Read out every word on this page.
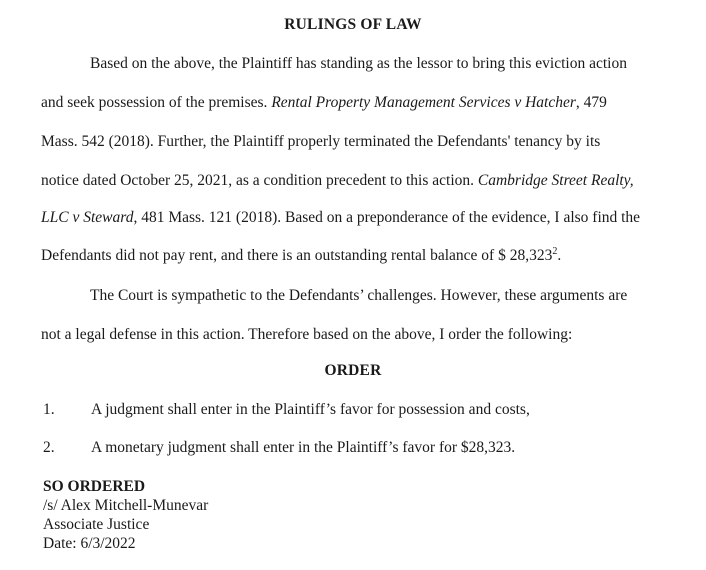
RULINGS OF LAW
Based on the above, the Plaintiff has standing as the lessor to bring this eviction action
and seek possession of the premises. Rental Property Management Services v Hatcher, 479
Mass. 542 (2018). Further, the Plaintiff properly terminated the Defendants' tenancy by its
notice dated October 25, 2021, as a condition precedent to this action. Cambridge Street Realty,
LLC v Steward, 481 Mass. 121 (2018). Based on a preponderance of the evidence, I also find the
Defendants did not pay rent, and there is an outstanding rental balance of $ 28,323$^2$.
The Court is sympathetic to the Defendants’ challenges. However, these arguments are
not a legal defense in this action. Therefore based on the above, I order the following:
ORDER
1. A judgment shall enter in the Plaintiff’s favor for possession and costs,
2. A monetary judgment shall enter in the Plaintiff’s favor for $28,323.
SO ORDERED
/s/ Alex Mitchell-Munevar
Associate Justice
Date: 6/3/2022
